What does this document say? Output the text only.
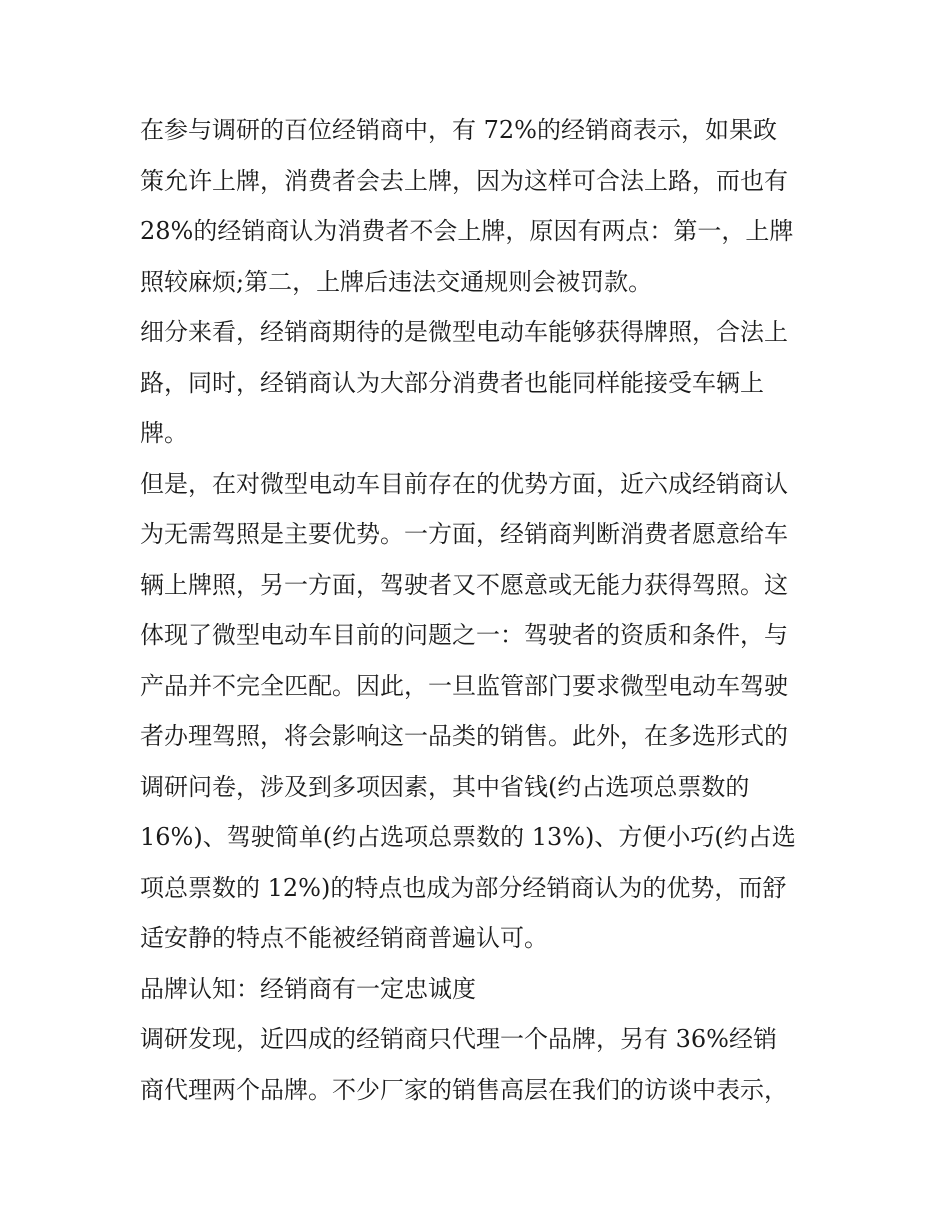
在参与调研的百位经销商中，有 72%的经销商表示，如果政
策允许上牌，消费者会去上牌，因为这样可合法上路，而也有
28%的经销商认为消费者不会上牌，原因有两点：第一，上牌
照较麻烦;第二，上牌后违法交通规则会被罚款。
细分来看，经销商期待的是微型电动车能够获得牌照，合法上
路，同时，经销商认为大部分消费者也能同样能接受车辆上
牌。
但是，在对微型电动车目前存在的优势方面，近六成经销商认
为无需驾照是主要优势。一方面，经销商判断消费者愿意给车
辆上牌照，另一方面，驾驶者又不愿意或无能力获得驾照。这
体现了微型电动车目前的问题之一：驾驶者的资质和条件，与
产品并不完全匹配。因此，一旦监管部门要求微型电动车驾驶
者办理驾照，将会影响这一品类的销售。此外，在多选形式的
调研问卷，涉及到多项因素，其中省钱(约占选项总票数的
16%)、驾驶简单(约占选项总票数的 13%)、方便小巧(约占选
项总票数的 12%)的特点也成为部分经销商认为的优势，而舒
适安静的特点不能被经销商普遍认可。
品牌认知：经销商有一定忠诚度
调研发现，近四成的经销商只代理一个品牌，另有 36%经销
商代理两个品牌。不少厂家的销售高层在我们的访谈中表示，
